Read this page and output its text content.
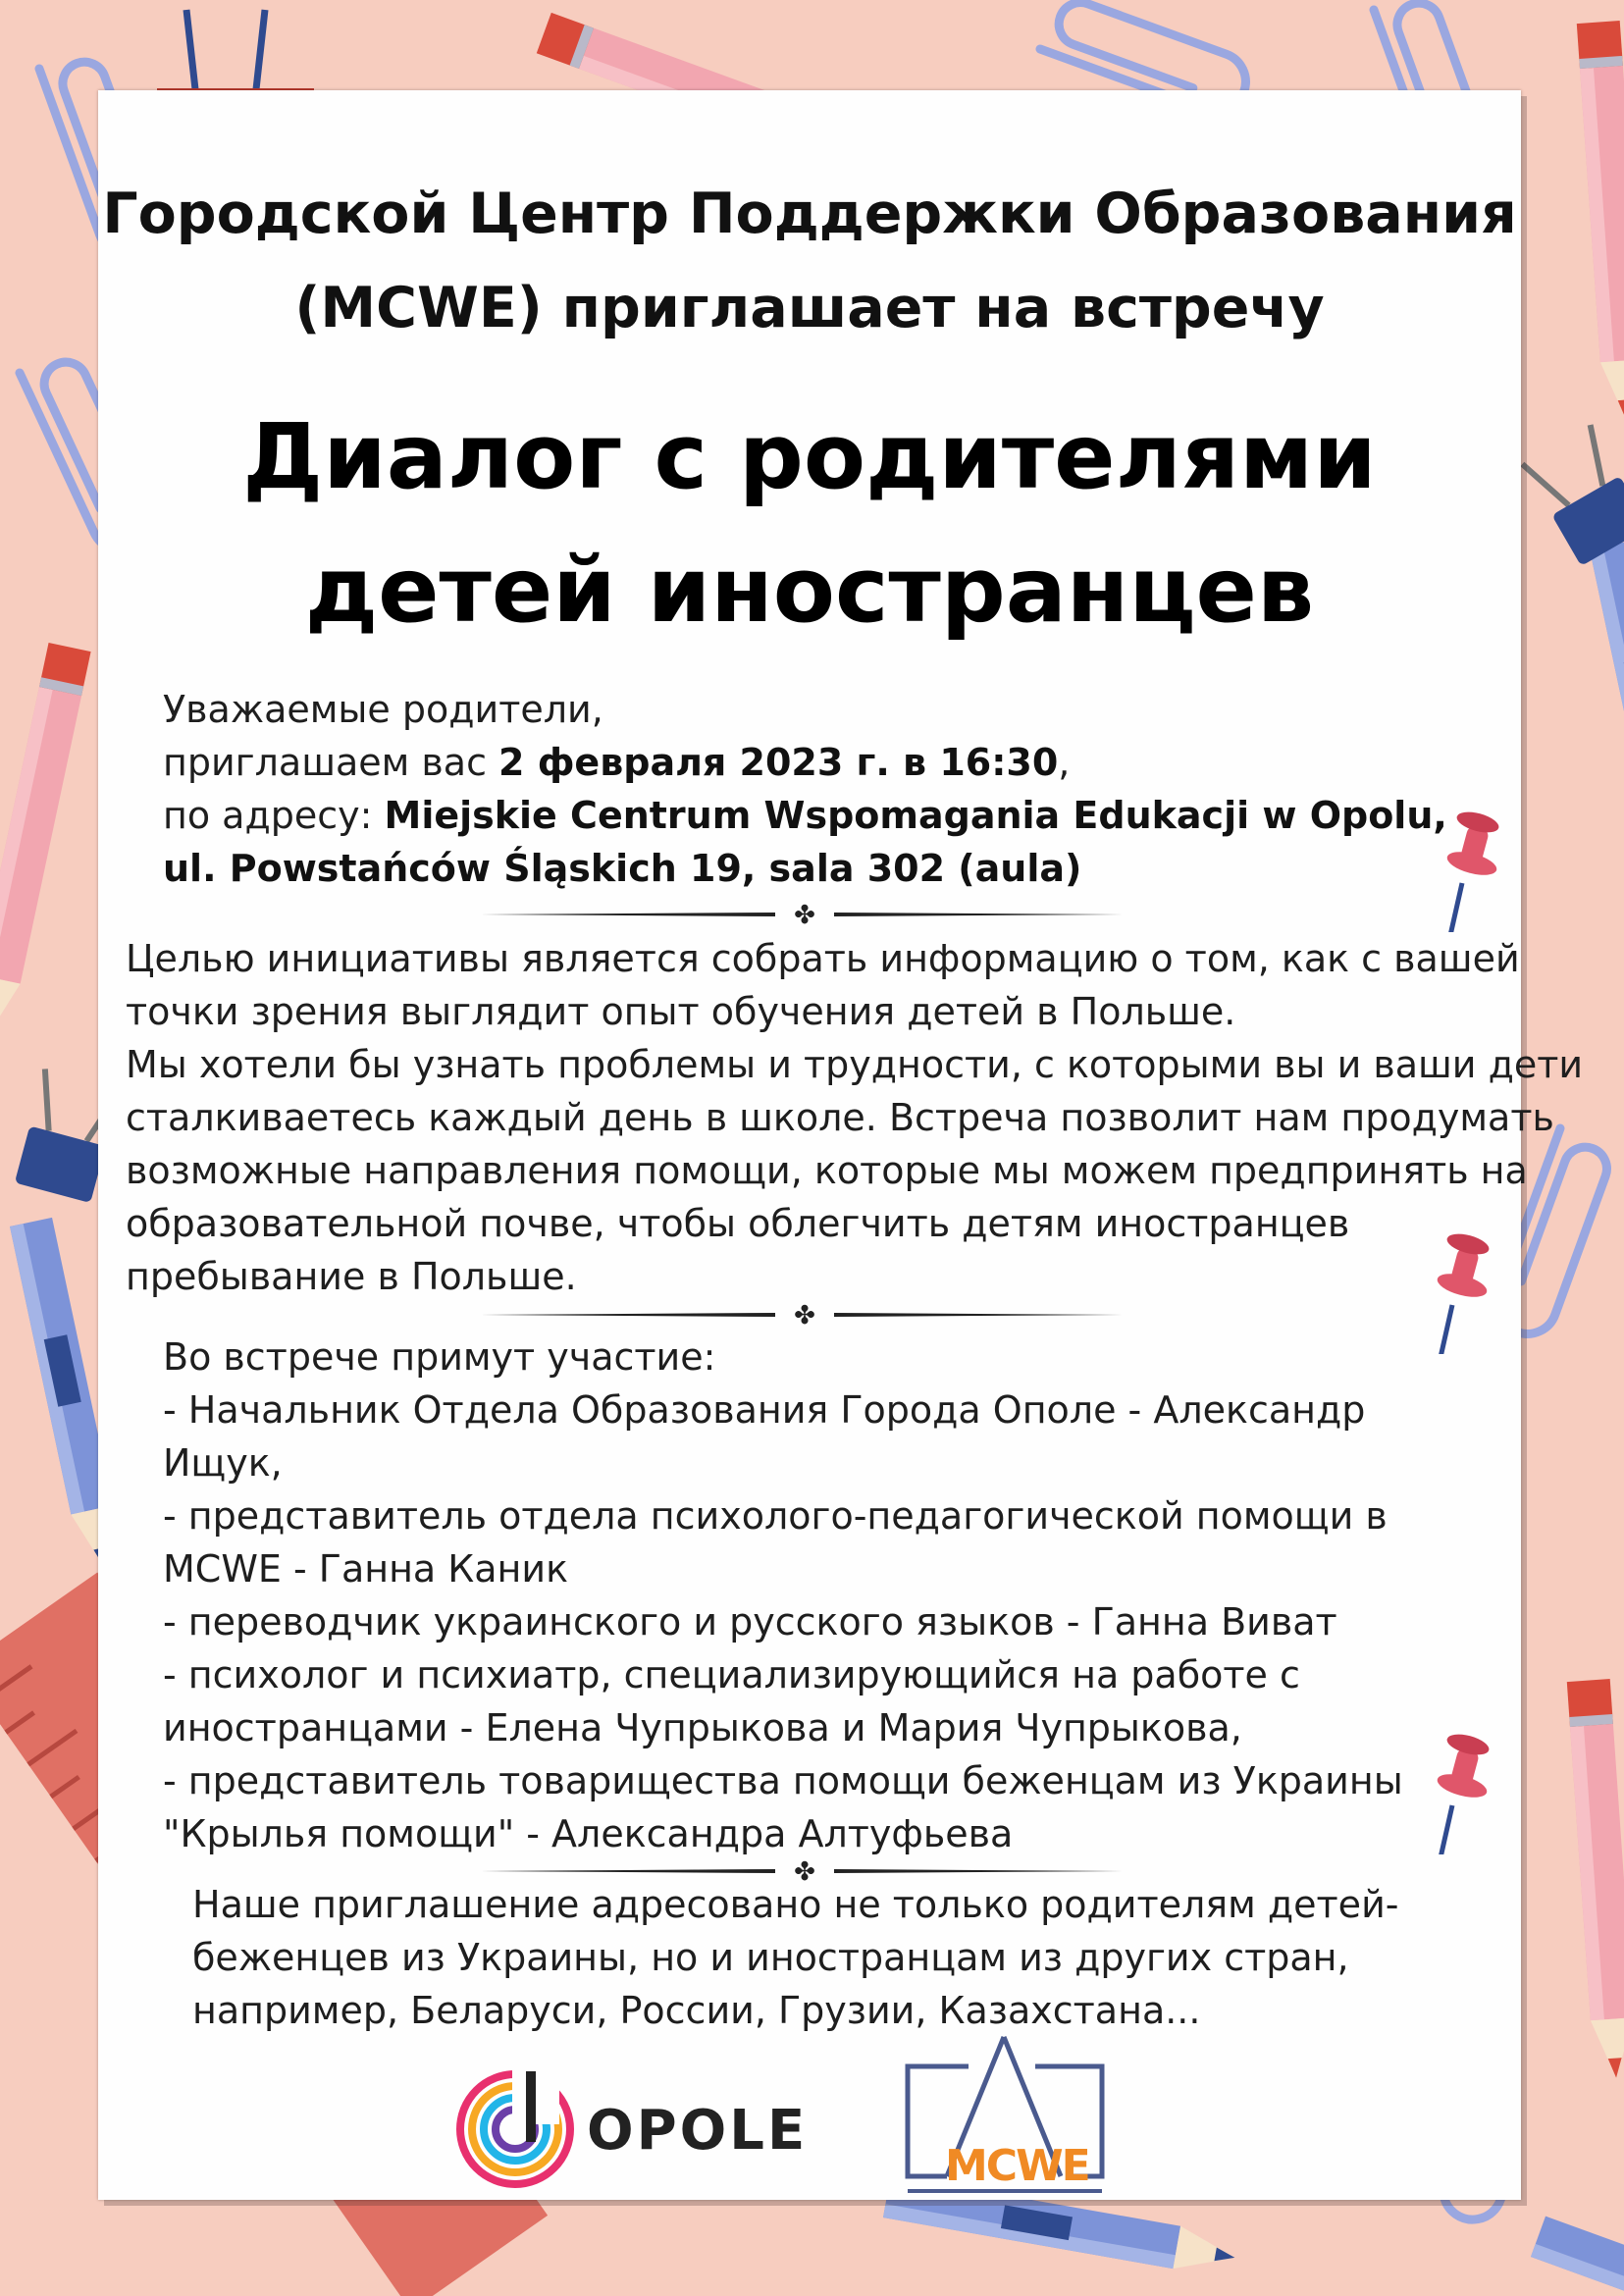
Городской Центр Поддержки Образования
(MCWE) приглашает на встречу
Диалог с родителями
детей иностранцев
Уважаемые родители,
приглашаем вас 2 февраля 2023 г. в 16:30,
по адресу: Miejskie Centrum Wspomagania Edukacji w Opolu,
ul. Powstańców Śląskich 19, sala 302 (aula)
✤
Целью инициативы является собрать информацию о том, как с вашей
точки зрения выглядит опыт обучения детей в Польше.
Мы хотели бы узнать проблемы и трудности, с которыми вы и ваши дети
сталкиваетесь каждый день в школе. Встреча позволит нам продумать
возможные направления помощи, которые мы можем предпринять на
образовательной почве, чтобы облегчить детям иностранцев
пребывание в Польше.
✤
Во встрече примут участие:
- Начальник Отдела Образования Города Ополе - Александр
Ищук,
- представитель отдела психолого-педагогической помощи в
MCWE - Ганна Каник
- переводчик украинского и русского языков - Ганна Виват
- психолог и психиатр, специализирующийся на работе с
иностранцами - Елена Чупрыкова и Мария Чупрыкова,
- представитель товарищества помощи беженцам из Украины
"Крылья помощи" - Александра Алтуфьева
✤
Наше приглашение адресовано не только родителям детей-
беженцев из Украины, но и иностранцам из других стран,
например, Беларуси, России, Грузии, Казахстана...
OPOLE
MCWE
